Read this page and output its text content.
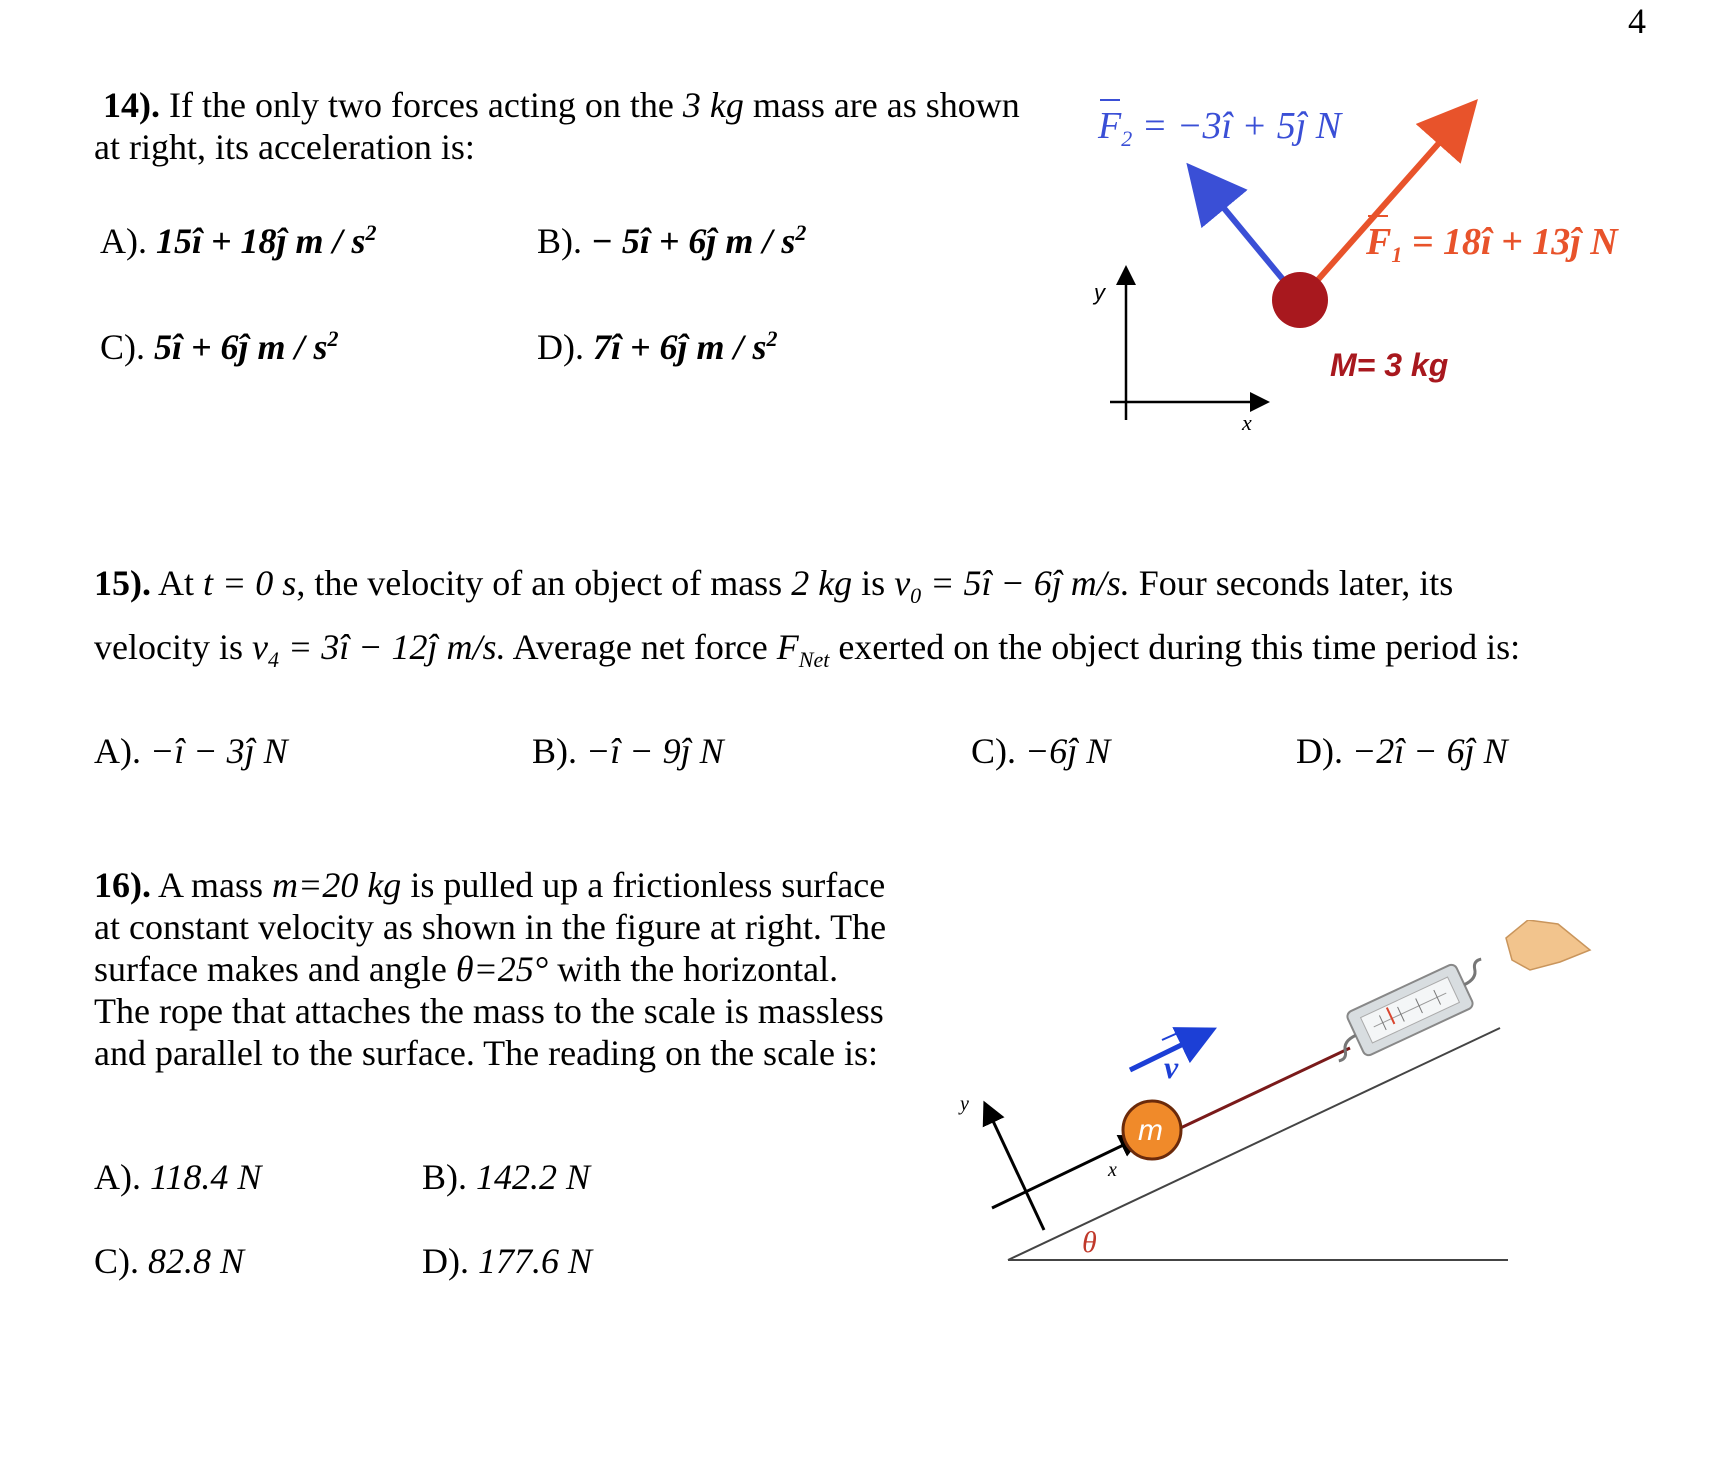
4
14). If the only two forces acting on the 3 kg mass are as shown
at right, its acceleration is:
A). 15î + 18ĵ m / $s^2$	B). − 5î + 6ĵ m / $s^2$
C). 5î + 6ĵ m / $s^2$	D). 7î + 6ĵ m / $s^2$
y
x
$F_2$ = −3î + 5ĵ N
$F_1$ = 18î + 13ĵ N
M= 3 kg
15). At t = 0 s, the velocity of an object of mass 2 kg is $v_0$ = 5î − 6ĵ m/s. Four seconds later, its
velocity is $v_4$ = 3î − 12ĵ m/s. Average net force $F_{Net}$ exerted on the object during this time period is:
A). −î − 3ĵ N	B). −î − 9ĵ N	C). −6ĵ N	D). −2î − 6ĵ N
16). A mass m=20 kg is pulled up a frictionless surface
at constant velocity as shown in the figure at right. The
surface makes and angle θ=25° with the horizontal.
The rope that attaches the mass to the scale is massless
and parallel to the surface. The reading on the scale is:
A). 118.4 N	B). 142.2 N
C). 82.8 N	D). 177.6 N	θ
x
y
m
v
